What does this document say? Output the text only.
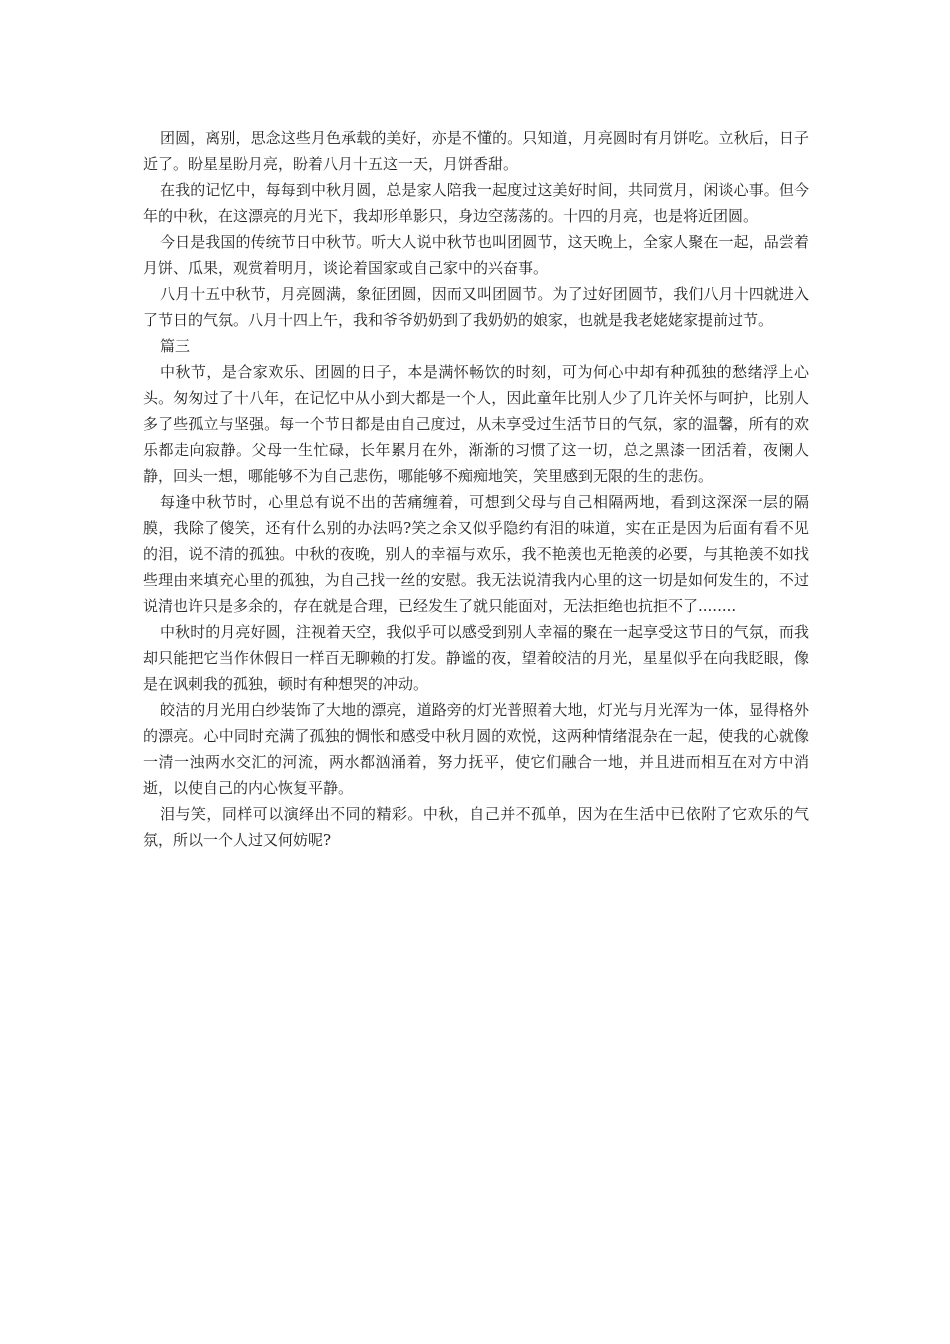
团圆，离别，思念这些月色承载的美好，亦是不懂的。只知道，月亮圆时有月饼吃。立秋后，日子近了。盼星星盼月亮，盼着八月十五这一天，月饼香甜。

在我的记忆中，每每到中秋月圆，总是家人陪我一起度过这美好时间，共同赏月，闲谈心事。但今年的中秋，在这漂亮的月光下，我却形单影只，身边空荡荡的。十四的月亮，也是将近团圆。

今日是我国的传统节日中秋节。听大人说中秋节也叫团圆节，这天晚上，全家人聚在一起，品尝着月饼、瓜果，观赏着明月，谈论着国家或自己家中的兴奋事。

八月十五中秋节，月亮圆满，象征团圆，因而又叫团圆节。为了过好团圆节，我们八月十四就进入了节日的气氛。八月十四上午，我和爷爷奶奶到了我奶奶的娘家，也就是我老姥姥家提前过节。

篇三

中秋节，是合家欢乐、团圆的日子，本是满怀畅饮的时刻，可为何心中却有种孤独的愁绪浮上心头。匆匆过了十八年，在记忆中从小到大都是一个人，因此童年比别人少了几许关怀与呵护，比别人多了些孤立与坚强。每一个节日都是由自己度过，从未享受过生活节日的气氛，家的温馨，所有的欢乐都走向寂静。父母一生忙碌，长年累月在外，渐渐的习惯了这一切，总之黑漆一团活着，夜阑人静，回头一想，哪能够不为自己悲伤，哪能够不痴痴地笑，笑里感到无限的生的悲伤。

每逢中秋节时，心里总有说不出的苦痛缠着，可想到父母与自己相隔两地，看到这深深一层的隔膜，我除了傻笑，还有什么别的办法吗?笑之余又似乎隐约有泪的味道，实在正是因为后面有看不见的泪，说不清的孤独。中秋的夜晚，别人的幸福与欢乐，我不艳羡也无艳羡的必要，与其艳羡不如找些理由来填充心里的孤独，为自己找一丝的安慰。我无法说清我内心里的这一切是如何发生的，不过说清也许只是多余的，存在就是合理，已经发生了就只能面对，无法拒绝也抗拒不了........

中秋时的月亮好圆，注视着天空，我似乎可以感受到别人幸福的聚在一起享受这节日的气氛，而我却只能把它当作休假日一样百无聊赖的打发。静谧的夜，望着皎洁的月光，星星似乎在向我眨眼，像是在讽刺我的孤独，顿时有种想哭的冲动。

皎洁的月光用白纱装饰了大地的漂亮，道路旁的灯光普照着大地，灯光与月光浑为一体，显得格外的漂亮。心中同时充满了孤独的惆怅和感受中秋月圆的欢悦，这两种情绪混杂在一起，使我的心就像一清一浊两水交汇的河流，两水都汹涌着，努力抚平，使它们融合一地，并且进而相互在对方中消逝，以使自己的内心恢复平静。

泪与笑，同样可以演绎出不同的精彩。中秋，自己并不孤单，因为在生活中已依附了它欢乐的气氛，所以一个人过又何妨呢?
